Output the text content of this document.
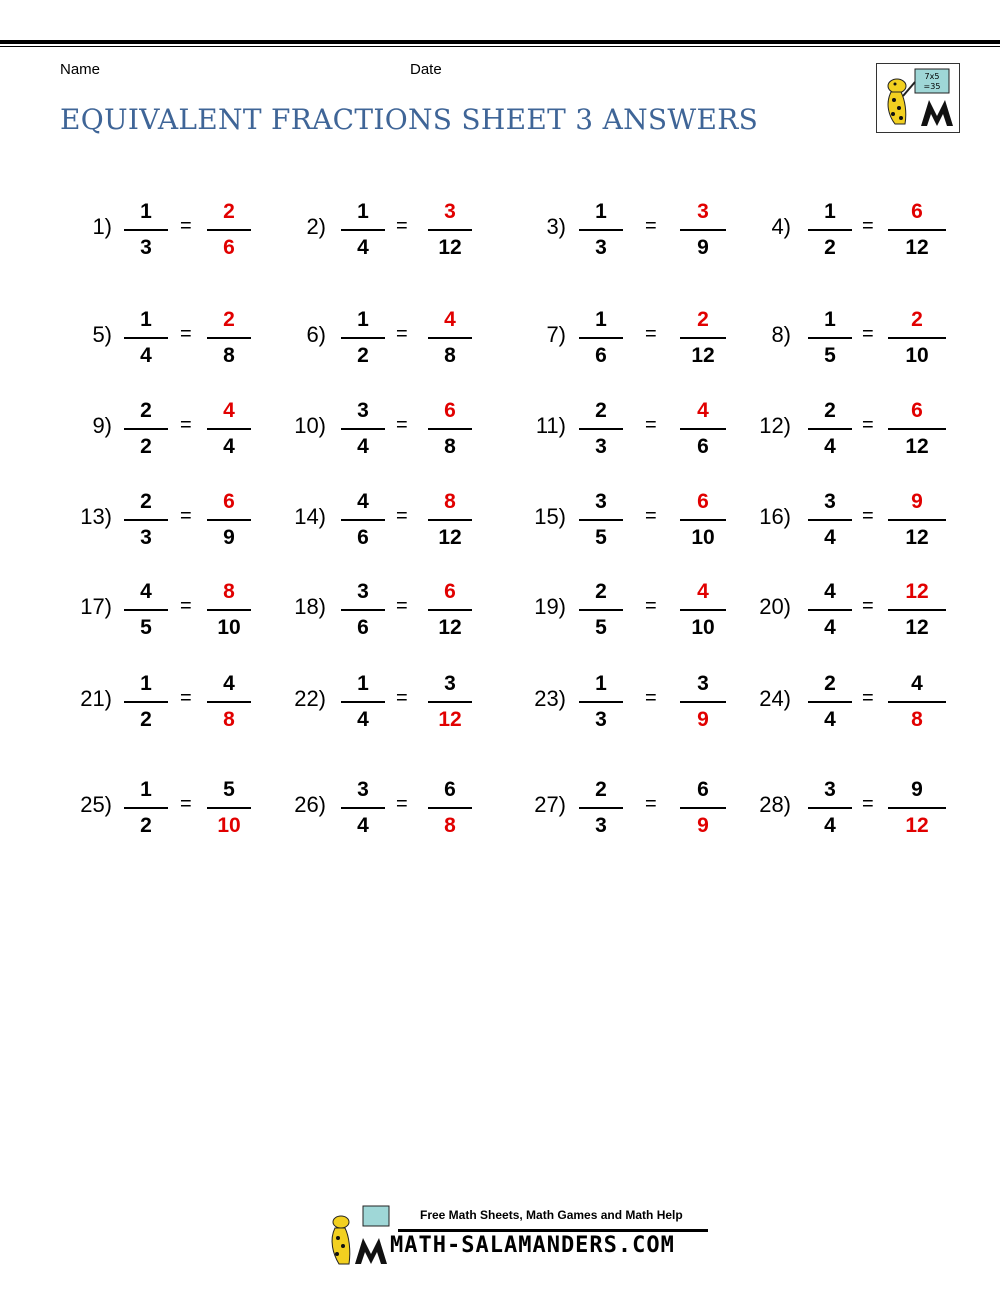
Name	Date
EQUIVALENT FRACTIONS SHEET 3 ANSWERS
7x5
=35
1)
1
3
=
2
6
2)
1
4
=
3
12
3)
1
3
=
3
9
4)
1
2
=
6
12
5)
1
4
=
2
8
6)
1
2
=
4
8
7)
1
6
=
2
12
8)
1
5
=
2
10
9)
2
2
=
4
4
10)
3
4
=
6
8
11)
2
3
=
4
6
12)
2
4
=
6
12
13)
2
3
=
6
9
14)
4
6
=
8
12
15)
3
5
=
6
10
16)
3
4
=
9
12
17)
4
5
=
8
10
18)
3
6
=
6
12
19)
2
5
=
4
10
20)
4
4
=
12
12
21)
1
2
=
4
8
22)
1
4
=
3
12
23)
1
3
=
3
9
24)
2
4
=
4
8
25)
1
2
=
5
10
26)
3
4
=
6
8
27)
2
3
=
6
9
28)
3
4
=
9
12
Free Math Sheets, Math Games and Math Help
MATH-SALAMANDERS.COM
